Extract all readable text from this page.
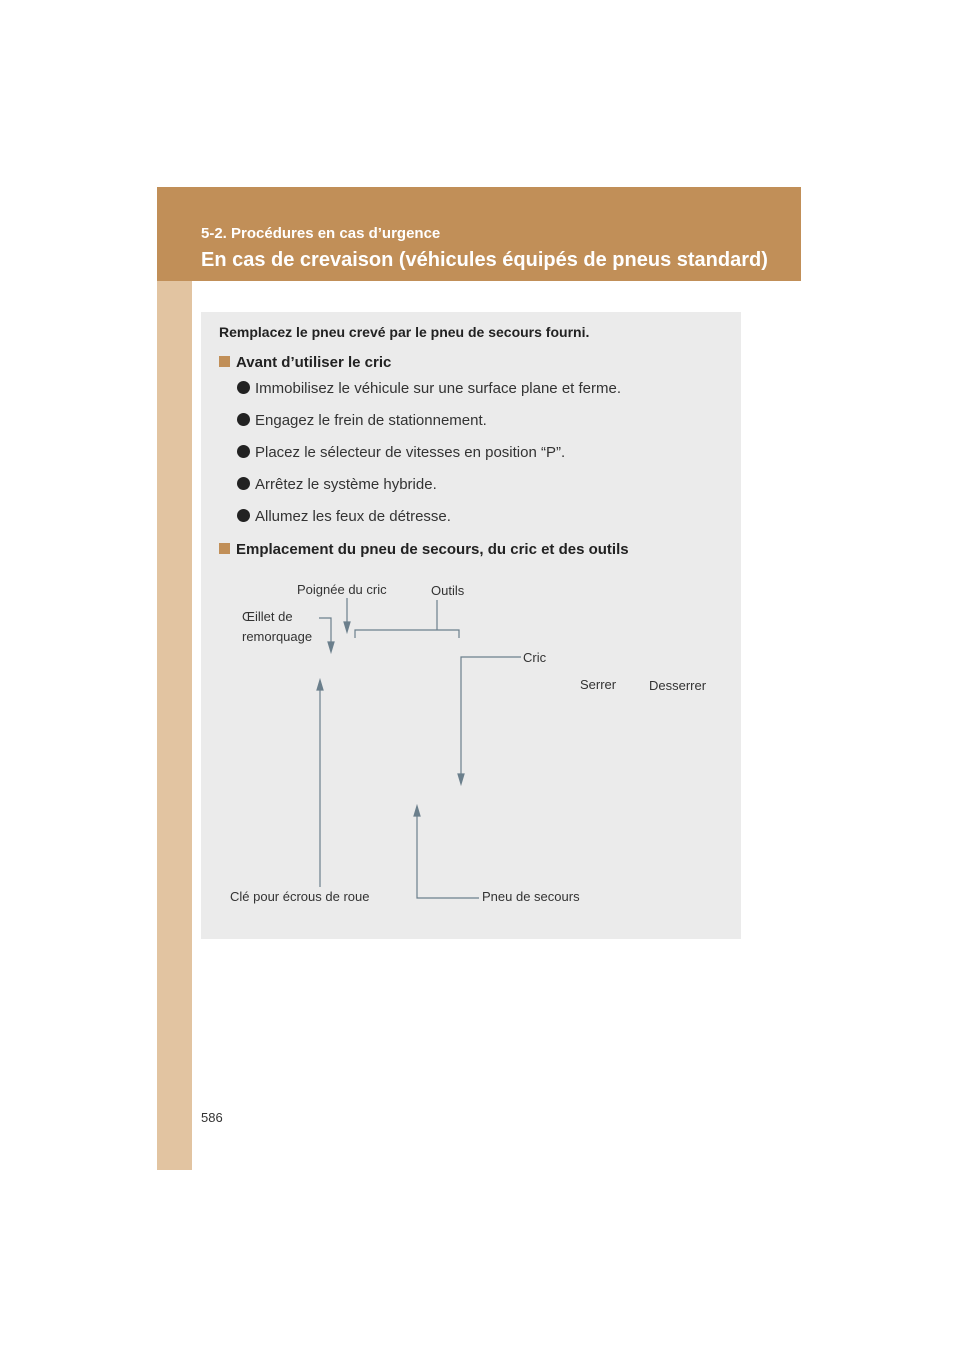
5-2. Procédures en cas d’urgence
En cas de crevaison (véhicules équipés de pneus standard)
Remplacez le pneu crevé par le pneu de secours fourni.
Avant d’utiliser le cric
Immobilisez le véhicule sur une surface plane et ferme.
Engagez le frein de stationnement.
Placez le sélecteur de vitesses en position “P”.
Arrêtez le système hybride.
Allumez les feux de détresse.
Emplacement du pneu de secours, du cric et des outils
Poignée du cric	Outils
Œillet de
remorquage
Cric
Serrer	Desserrer
Clé pour écrous de roue	Pneu de secours
586
